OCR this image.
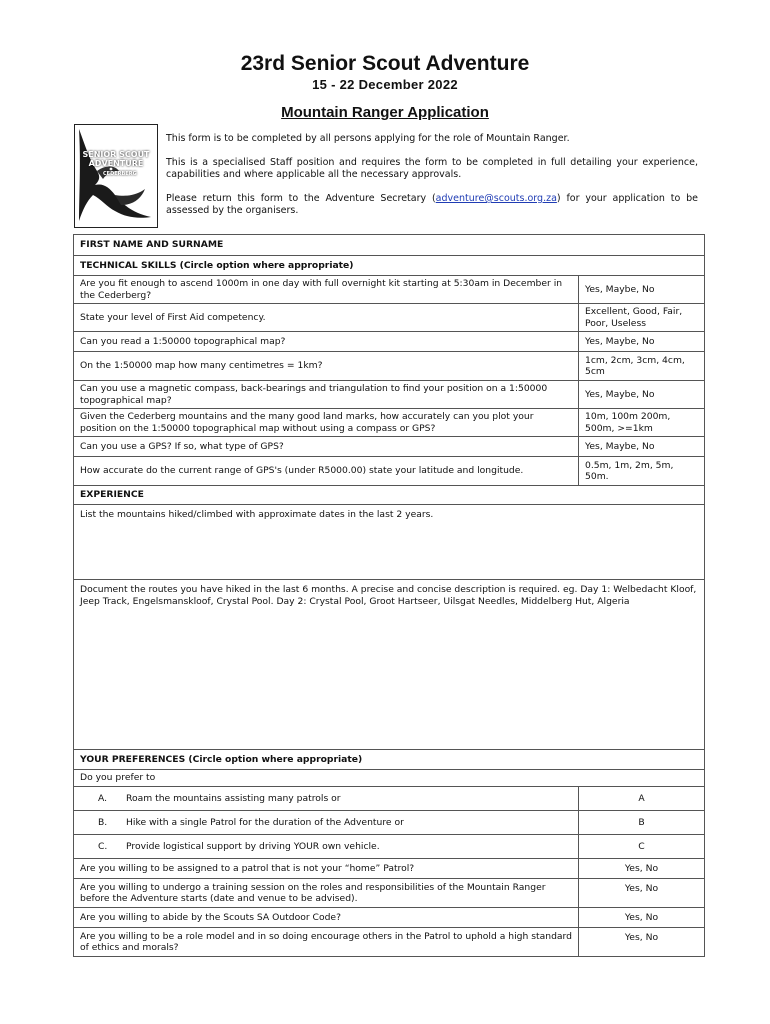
23rd Senior Scout Adventure
15 - 22 December 2022
Mountain Ranger Application
SENIOR SCOUT
ADVENTURE
CEDERBERG
This form is to be completed by all persons applying for the role of Mountain Ranger.
This is a specialised Staff position and requires the form to be completed in full detailing your experience, capabilities and where applicable all the necessary approvals.
Please return this form to the Adventure Secretary (adventure@scouts.org.za) for your application to be assessed by the organisers.
FIRST NAME AND SURNAME	
TECHNICAL SKILLS (Circle option where appropriate)	
Are you fit enough to ascend 1000m in one day with full overnight kit starting at 5:30am in December in the Cederberg?	Yes, Maybe, No
State your level of First Aid competency.	Excellent, Good, Fair, Poor, Useless
Can you read a 1:50000 topographical map?	Yes, Maybe, No
On the 1:50000 map how many centimetres = 1km?	1cm, 2cm, 3cm, 4cm, 5cm
Can you use a magnetic compass, back-bearings and triangulation to find your position on a 1:50000 topographical map?	Yes, Maybe, No
Given the Cederberg mountains and the many good land marks, how accurately can you plot your position on the 1:50000 topographical map without using a compass or GPS?	10m, 100m 200m, 500m, >=1km
Can you use a GPS? If so, what type of GPS?	Yes, Maybe, No
How accurate do the current range of GPS's (under R5000.00) state your latitude and longitude.	0.5m, 1m, 2m, 5m, 50m.
EXPERIENCE	
List the mountains hiked/climbed with approximate dates in the last 2 years.	
Document the routes you have hiked in the last 6 months. A precise and concise description is required. eg. Day 1: Welbedacht Kloof, Jeep Track, Engelsmanskloof, Crystal Pool. Day 2: Crystal Pool, Groot Hartseer, Uilsgat Needles, Middelberg Hut, Algeria	
YOUR PREFERENCES (Circle option where appropriate)	
Do you prefer to	

A. Roam the mountains assisting many patrols or	A

B. Hike with a single Patrol for the duration of the Adventure or	B

C. Provide logistical support by driving YOUR own vehicle.	C
Are you willing to be assigned to a patrol that is not your “home” Patrol?	Yes, No
Are you willing to undergo a training session on the roles and responsibilities of the Mountain Ranger before the Adventure starts (date and venue to be advised).	Yes, No
Are you willing to abide by the Scouts SA Outdoor Code?	Yes, No
Are you willing to be a role model and in so doing encourage others in the Patrol to uphold a high standard of ethics and morals?	Yes, No
